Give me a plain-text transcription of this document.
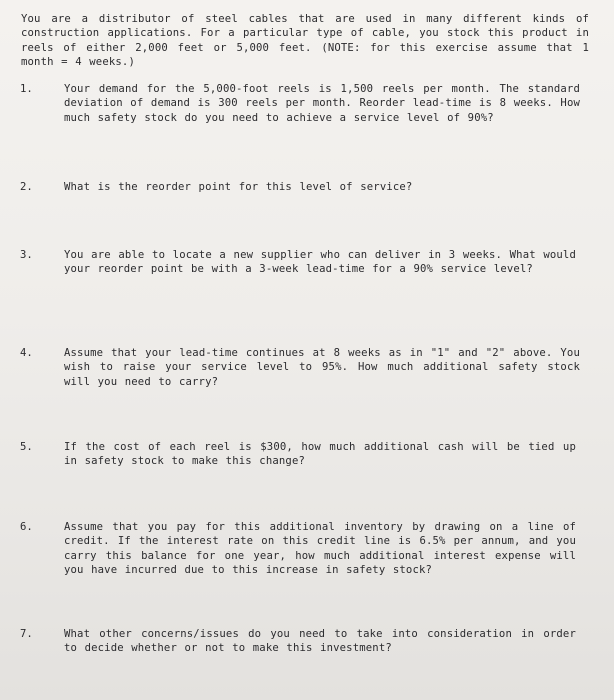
You are a distributor of steel cables that are used in many different kinds of construction applications. For a particular type of cable, you stock this product in reels of either 2,000 feet or 5,000 feet. (NOTE: for this exercise assume that 1 month = 4 weeks.)
1.	Your demand for the 5,000-foot reels is 1,500 reels per month. The standard deviation of demand is 300 reels per month. Reorder lead-time is 8 weeks. How much safety stock do you need to achieve a service level of 90%?
2.	What is the reorder point for this level of service?
3.	You are able to locate a new supplier who can deliver in 3 weeks. What would your reorder point be with a 3-week lead-time for a 90% service level?
4.	Assume that your lead-time continues at 8 weeks as in "1" and "2" above. You wish to raise your service level to 95%. How much additional safety stock will you need to carry?
5.	If the cost of each reel is $300, how much additional cash will be tied up in safety stock to make this change?
6.	Assume that you pay for this additional inventory by drawing on a line of credit. If the interest rate on this credit line is 6.5% per annum, and you carry this balance for one year, how much additional interest expense will you have incurred due to this increase in safety stock?
7.	What other concerns/issues do you need to take into consideration in order to decide whether or not to make this investment?
